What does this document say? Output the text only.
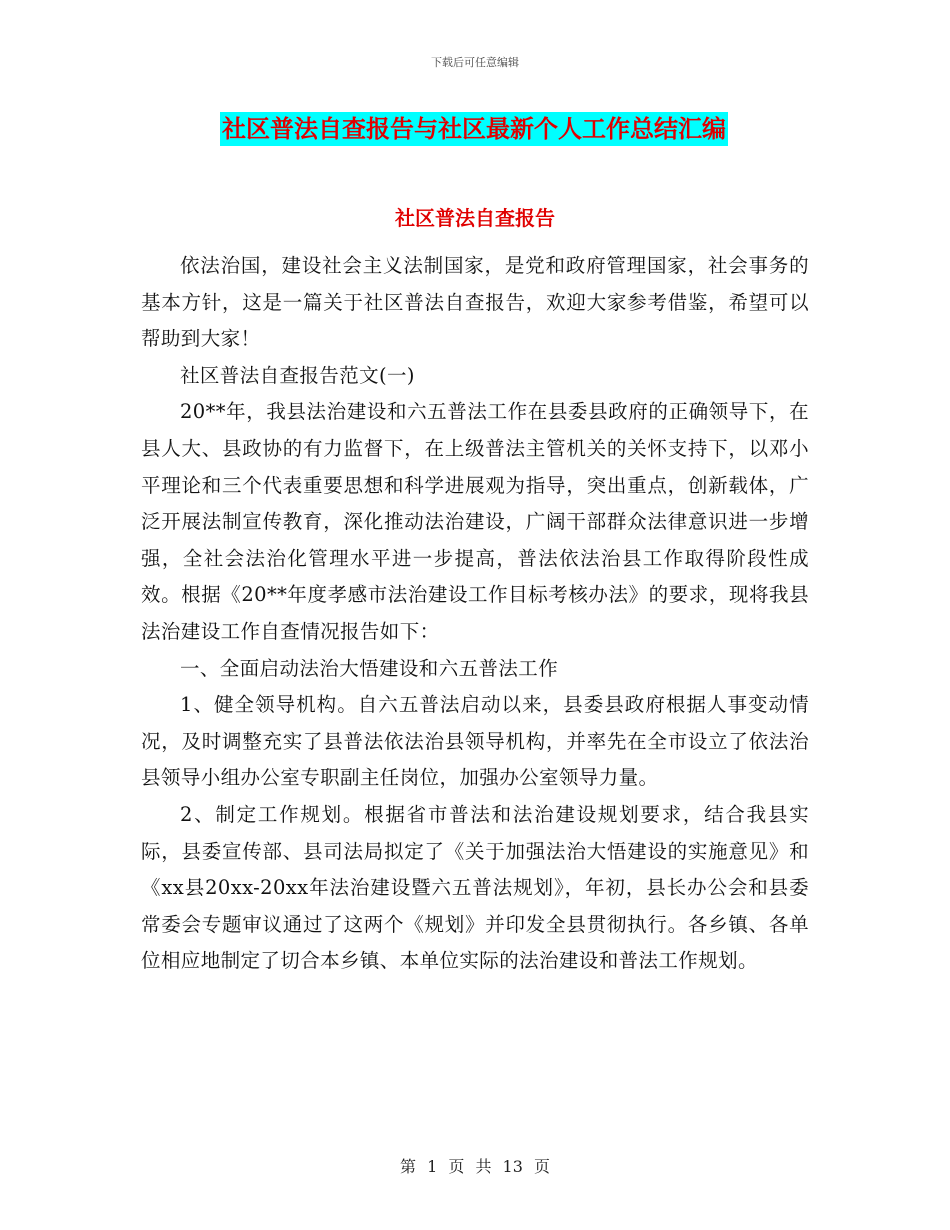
下载后可任意编辑
社区普法自查报告与社区最新个人工作总结汇编
社区普法自查报告

依法治国，建设社会主义法制国家，是党和政府管理国家，社会事务的基本方针，这是一篇关于社区普法自查报告，欢迎大家参考借鉴，希望可以帮助到大家！

社区普法自查报告范文(一)

20**年，我县法治建设和六五普法工作在县委县政府的正确领导下，在县人大、县政协的有力监督下，在上级普法主管机关的关怀支持下，以邓小平理论和三个代表重要思想和科学进展观为指导，突出重点，创新载体，广泛开展法制宣传教育，深化推动法治建设，广阔干部群众法律意识进一步增强，全社会法治化管理水平进一步提高，普法依法治县工作取得阶段性成效。根据《20**年度孝感市法治建设工作目标考核办法》的要求，现将我县法治建设工作自查情况报告如下：

一、全面启动法治大悟建设和六五普法工作

1、健全领导机构。自六五普法启动以来，县委县政府根据人事变动情况，及时调整充实了县普法依法治县领导机构，并率先在全市设立了依法治县领导小组办公室专职副主任岗位，加强办公室领导力量。

2、制定工作规划。根据省市普法和法治建设规划要求，结合我县实际，县委宣传部、县司法局拟定了《关于加强法治大悟建设的实施意见》和《xx县20xx-20xx年法治建设暨六五普法规划》，年初，县长办公会和县委常委会专题审议通过了这两个《规划》并印发全县贯彻执行。各乡镇、各单位相应地制定了切合本乡镇、本单位实际的法治建设和普法工作规划。

第 1 页 共 13 页
